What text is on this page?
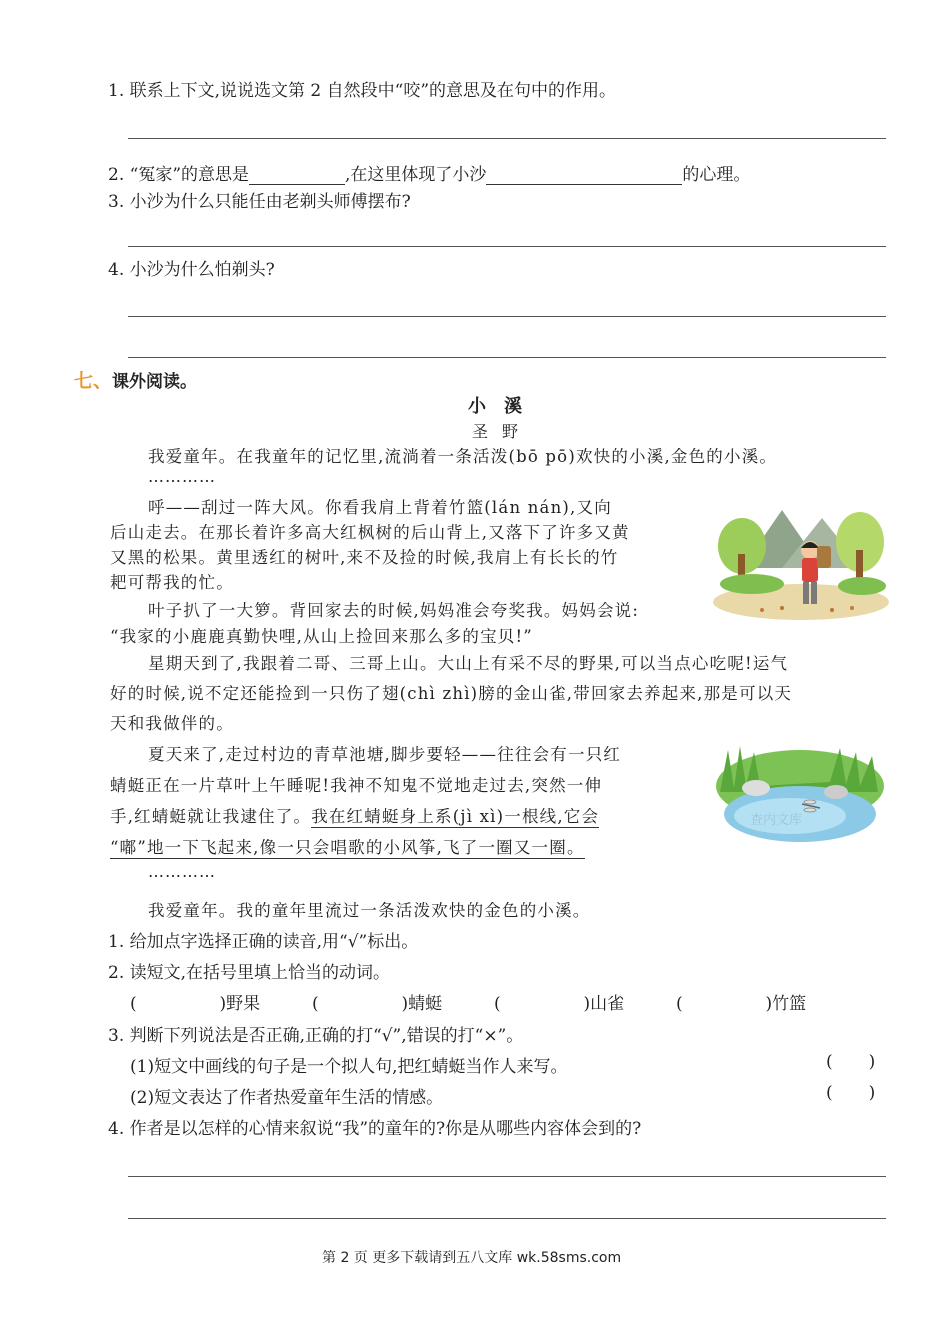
1. 联系上下文,说说选文第 2 自然段中“咬”的意思及在句中的作用。
2. “冤家”的意思是	,在这里体现了小沙	的心理。
3. 小沙为什么只能任由老剃头师傅摆布?
4. 小沙为什么怕剃头?
七、课外阅读。
小溪
圣野
我爱童年。在我童年的记忆里,流淌着一条活泼(bō pō)欢快的小溪,金色的小溪。
…………
呼——刮过一阵大风。你看我肩上背着竹篮(lán nán),又向
后山走去。在那长着许多高大红枫树的后山背上,又落下了许多又黄
又黑的松果。黄里透红的树叶,来不及捡的时候,我肩上有长长的竹
耙可帮我的忙。
叶子扒了一大箩。背回家去的时候,妈妈准会夸奖我。妈妈会说:
“我家的小鹿鹿真勤快哩,从山上捡回来那么多的宝贝!”
星期天到了,我跟着二哥、三哥上山。大山上有采不尽的野果,可以当点心吃呢!运气
好的时候,说不定还能捡到一只伤了翅(chì zhì)膀的金山雀,带回家去养起来,那是可以天
天和我做伴的。
夏天来了,走过村边的青草池塘,脚步要轻——往往会有一只红
蜻蜓正在一片草叶上午睡呢!我神不知鬼不觉地走过去,突然一伸
手,红蜻蜓就让我逮住了。我在红蜻蜓身上系(jì xì)一根线,它会
“嘟”地一下飞起来,像一只会唱歌的小风筝,飞了一圈又一圈。
…………
我爱童年。我的童年里流过一条活泼欢快的金色的小溪。
查内文库
1. 给加点字选择正确的读音,用“√”标出。
2. 读短文,在括号里填上恰当的动词。
(	)野果	(	)蜻蜓	(	)山雀	(	)竹篮
3. 判断下列说法是否正确,正确的打“√”,错误的打“×”。
(1)短文中画线的句子是一个拟人句,把红蜻蜓当作人来写。	( )
(2)短文表达了作者热爱童年生活的情感。	( )
4. 作者是以怎样的心情来叙说“我”的童年的?你是从哪些内容体会到的?
第 2 页 更多下载请到五八文库 wk.58sms.com
